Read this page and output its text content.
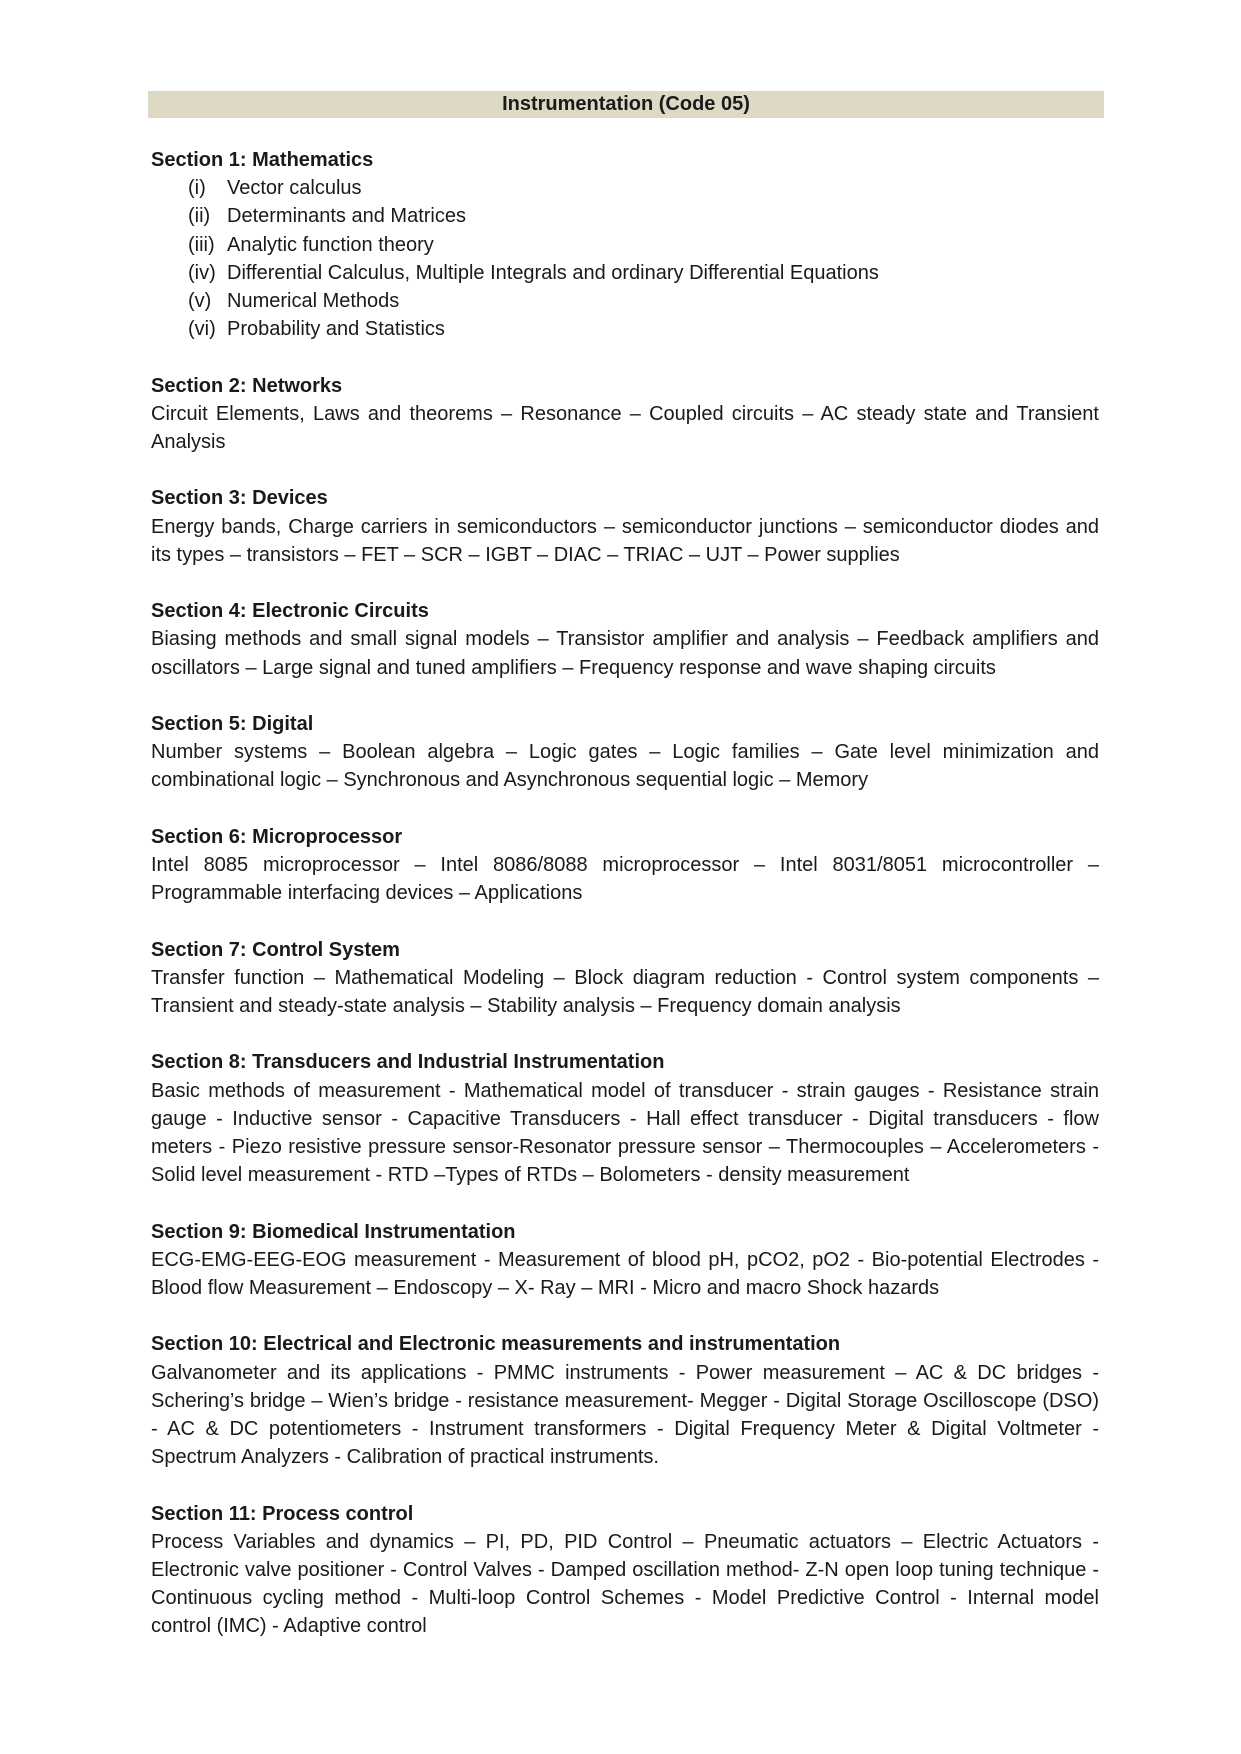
Instrumentation (Code 05)
Section 1: Mathematics
(i) Vector calculus
(ii) Determinants and Matrices
(iii) Analytic function theory
(iv) Differential Calculus, Multiple Integrals and ordinary Differential Equations
(v) Numerical Methods
(vi) Probability and Statistics
Section 2: Networks
Circuit Elements, Laws and theorems – Resonance – Coupled circuits – AC steady state and Transient Analysis
Section 3: Devices
Energy bands, Charge carriers in semiconductors – semiconductor junctions – semiconductor diodes and its types – transistors – FET – SCR – IGBT – DIAC – TRIAC – UJT – Power supplies
Section 4: Electronic Circuits
Biasing methods and small signal models – Transistor amplifier and analysis – Feedback amplifiers and oscillators – Large signal and tuned amplifiers – Frequency response and wave shaping circuits
Section 5: Digital
Number systems – Boolean algebra – Logic gates – Logic families – Gate level minimization and combinational logic – Synchronous and Asynchronous sequential logic – Memory
Section 6: Microprocessor
Intel 8085 microprocessor – Intel 8086/8088 microprocessor – Intel 8031/8051 microcontroller – Programmable interfacing devices – Applications
Section 7: Control System
Transfer function – Mathematical Modeling – Block diagram reduction - Control system components – Transient and steady-state analysis – Stability analysis – Frequency domain analysis
Section 8: Transducers and Industrial Instrumentation
Basic methods of measurement - Mathematical model of transducer - strain gauges - Resistance strain gauge - Inductive sensor - Capacitive Transducers - Hall effect transducer - Digital transducers - flow meters - Piezo resistive pressure sensor-Resonator pressure sensor – Thermocouples – Accelerometers - Solid level measurement - RTD –Types of RTDs – Bolometers - density measurement
Section 9: Biomedical Instrumentation
ECG-EMG-EEG-EOG measurement - Measurement of blood pH, pCO2, pO2 - Bio-potential Electrodes - Blood flow Measurement – Endoscopy – X- Ray – MRI - Micro and macro Shock hazards
Section 10: Electrical and Electronic measurements and instrumentation
Galvanometer and its applications - PMMC instruments - Power measurement – AC & DC bridges - Schering’s bridge – Wien’s bridge - resistance measurement- Megger - Digital Storage Oscilloscope (DSO) - AC & DC potentiometers - Instrument transformers - Digital Frequency Meter & Digital Voltmeter - Spectrum Analyzers - Calibration of practical instruments.
Section 11: Process control
Process Variables and dynamics – PI, PD, PID Control – Pneumatic actuators – Electric Actuators - Electronic valve positioner - Control Valves - Damped oscillation method- Z-N open loop tuning technique - Continuous cycling method - Multi-loop Control Schemes - Model Predictive Control - Internal model control (IMC) - Adaptive control
